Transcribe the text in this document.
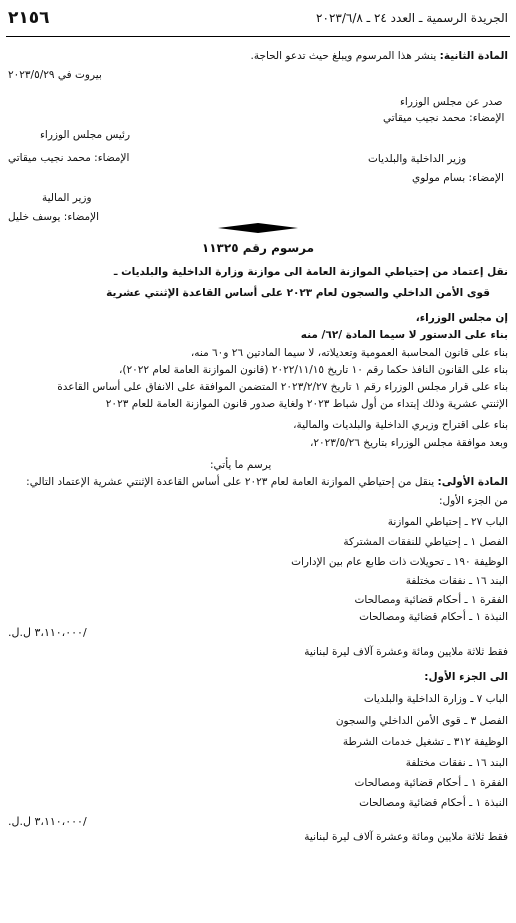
٢١٥٦	الجريدة الرسمية ـ العدد ٢٤ ـ ٢٠٢٣/٦/٨
المادة الثانية: ينشر هذا المرسوم ويبلغ حيث تدعو الحاجة.
بيروت في ٢٠٢٣/٥/٢٩
صدر عن مجلس الوزراء
الإمضاء: محمد نجيب ميقاتي
رئيس مجلس الوزراء
الإمضاء: محمد نجيب ميقاتي	وزير الداخلية والبلديات
الإمضاء: بسام مولوي
وزير المالية
الإمضاء: يوسف خليل
مرسوم رقم ١١٣٢٥
نقل إعتماد من إحتياطي الموازنة العامة الى موازنة وزارة الداخلية والبلديات ـ
قوى الأمن الداخلي والسجون لعام ٢٠٢٣ على أساس القاعدة الإثنتي عشرية
إن مجلس الوزراء،
بناء على الدستور لا سيما المادة /٦٢/ منه
بناء على قانون المحاسبة العمومية وتعديلاته، لا سيما المادتين ٢٦ و٦٠ منه،
بناء على القانون النافذ حكما رقم ١٠ تاريخ ٢٠٢٢/١١/١٥ (قانون الموازنة العامة لعام ٢٠٢٢)،
بناء على قرار مجلس الوزراء رقم ١ تاريخ ٢٠٢٣/٢/٢٧ المتضمن الموافقة على الانفاق على أساس القاعدة
الإثنتي عشرية وذلك إبتداء من أول شباط ٢٠٢٣ ولغاية صدور قانون الموازنة العامة للعام ٢٠٢٣
بناء على اقتراح وزيري الداخلية والبلديات والمالية،
وبعد موافقة مجلس الوزراء بتاريخ ٢٠٢٣/٥/٢٦،
يرسم ما يأتي:
المادة الأولى: ينقل من إحتياطي الموازنة العامة لعام ٢٠٢٣ على أساس القاعدة الإثنتي عشرية الإعتماد التالي:
من الجزء الأول:
الباب ٢٧ ـ إحتياطي الموازنة
الفصل ١ ـ إحتياطي للنفقات المشتركة
الوظيفة ١٩٠ ـ تحويلات ذات طابع عام بين الإدارات
البند ١٦ ـ نفقات مختلفة
الفقرة ١ ـ أحكام قضائية ومصالحات
النبذة ١ ـ أحكام قضائية ومصالحات
/٣،١١٠،٠٠٠ ل.ل.
فقط ثلاثة ملايين ومائة وعشرة آلاف ليرة لبنانية
الى الجزء الأول:
الباب ٧ ـ وزارة الداخلية والبلديات
الفصل ٣ ـ قوى الأمن الداخلي والسجون
الوظيفة ٣١٢ ـ تشغيل خدمات الشرطة
البند ١٦ ـ نفقات مختلفة
الفقرة ١ ـ أحكام قضائية ومصالحات
النبذة ١ ـ أحكام قضائية ومصالحات
/٣،١١٠،٠٠٠ ل.ل.
فقط ثلاثة ملايين ومائة وعشرة آلاف ليرة لبنانية
